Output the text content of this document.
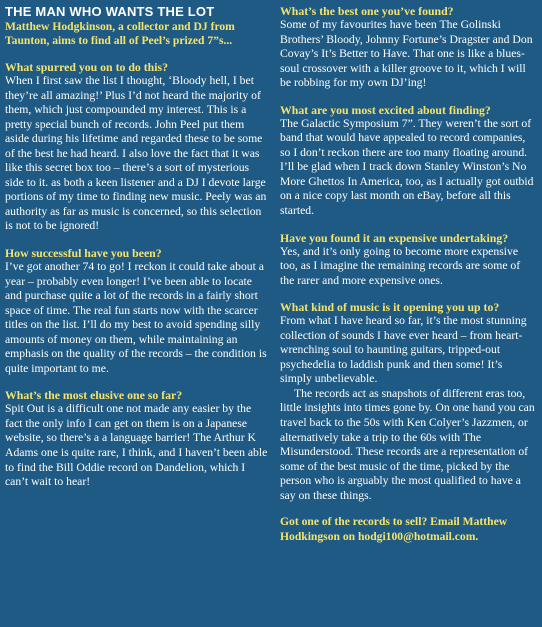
THE MAN WHO WANTS THE LOT

Matthew Hodgkinson, a collector and DJ from Taunton, aims to find all of Peel’s prized 7”s...

What spurred you on to do this?

When I first saw the list I thought, ‘Bloody hell, I bet they’re all amazing!’ Plus I’d not heard the majority of them, which just compounded my interest. This is a pretty special bunch of records. John Peel put them aside during his lifetime and regarded these to be some of the best he had heard. I also love the fact that it was like this secret box too – there’s a sort of mysterious side to it. as both a keen listener and a DJ I devote large portions of my time to finding new music. Peely was an authority as far as music is concerned, so this selection is not to be ignored!

How successful have you been?

I’ve got another 74 to go! I reckon it could take about a year – probably even longer! I’ve been able to locate and purchase quite a lot of the records in a fairly short space of time. The real fun starts now with the scarcer titles on the list. I’ll do my best to avoid spending silly amounts of money on them, while maintaining an emphasis on the quality of the records – the condition is quite important to me.

What’s the most elusive one so far?

Spit Out is a difficult one not made any easier by the fact the only info I can get on them is on a Japanese website, so there’s a a language barrier! The Arthur K Adams one is quite rare, I think, and I haven’t been able to find the Bill Oddie record on Dandelion, which I can’t wait to hear!

What’s the best one you’ve found?

Some of my favourites have been The Golinski Brothers’ Bloody, Johnny Fortune’s Dragster and Don Covay’s It’s Better to Have. That one is like a blues-soul crossover with a killer groove to it, which I will be robbing for my own DJ’ing!

What are you most excited about finding?

The Galactic Symposium 7”. They weren’t the sort of band that would have appealed to record companies, so I don’t reckon there are too many floating around. I’ll be glad when I track down Stanley Winston’s No More Ghettos In America, too, as I actually got outbid on a nice copy last month on eBay, before all this started.

Have you found it an expensive undertaking?

Yes, and it’s only going to become more expensive too, as I imagine the remaining records are some of the rarer and more expensive ones.

What kind of music is it opening you up to?

From what I have heard so far, it’s the most stunning collection of sounds I have ever heard – from heart-wrenching soul to haunting guitars, tripped-out psychedelia to laddish punk and then some! It’s simply unbelievable.

The records act as snapshots of different eras too, little insights into times gone by. On one hand you can travel back to the 50s with Ken Colyer’s Jazzmen, or alternatively take a trip to the 60s with The Misunderstood. These records are a representation of some of the best music of the time, picked by the person who is arguably the most qualified to have a say on these things.

Got one of the records to sell? Email Matthew Hodkingson on hodgi100@hotmail.com.
